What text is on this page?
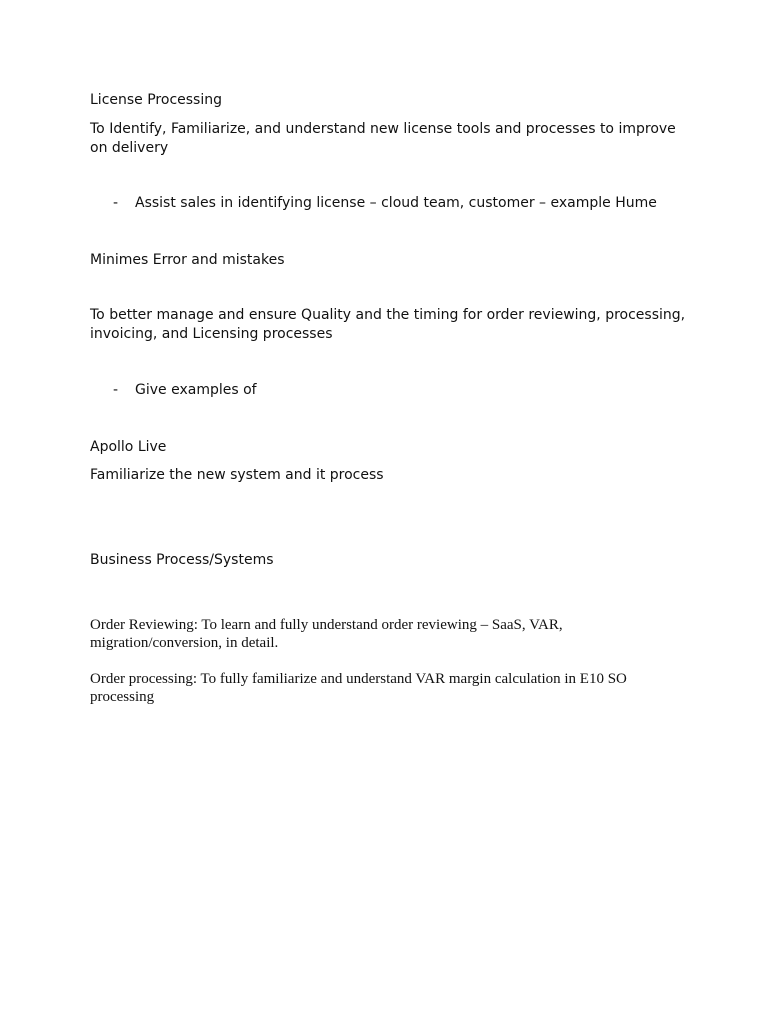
License Processing

To Identify, Familiarize, and understand new license tools and processes to improve on delivery

- Assist sales in identifying license – cloud team, customer – example Hume

Minimes Error and mistakes

To better manage and ensure Quality and the timing for order reviewing, processing, invoicing, and Licensing processes

- Give examples of

Apollo Live

Familiarize the new system and it process

Business Process/Systems

Order Reviewing: To learn and fully understand order reviewing – SaaS, VAR, migration/conversion, in detail.

Order processing: To fully familiarize and understand VAR margin calculation in E10 SO processing
